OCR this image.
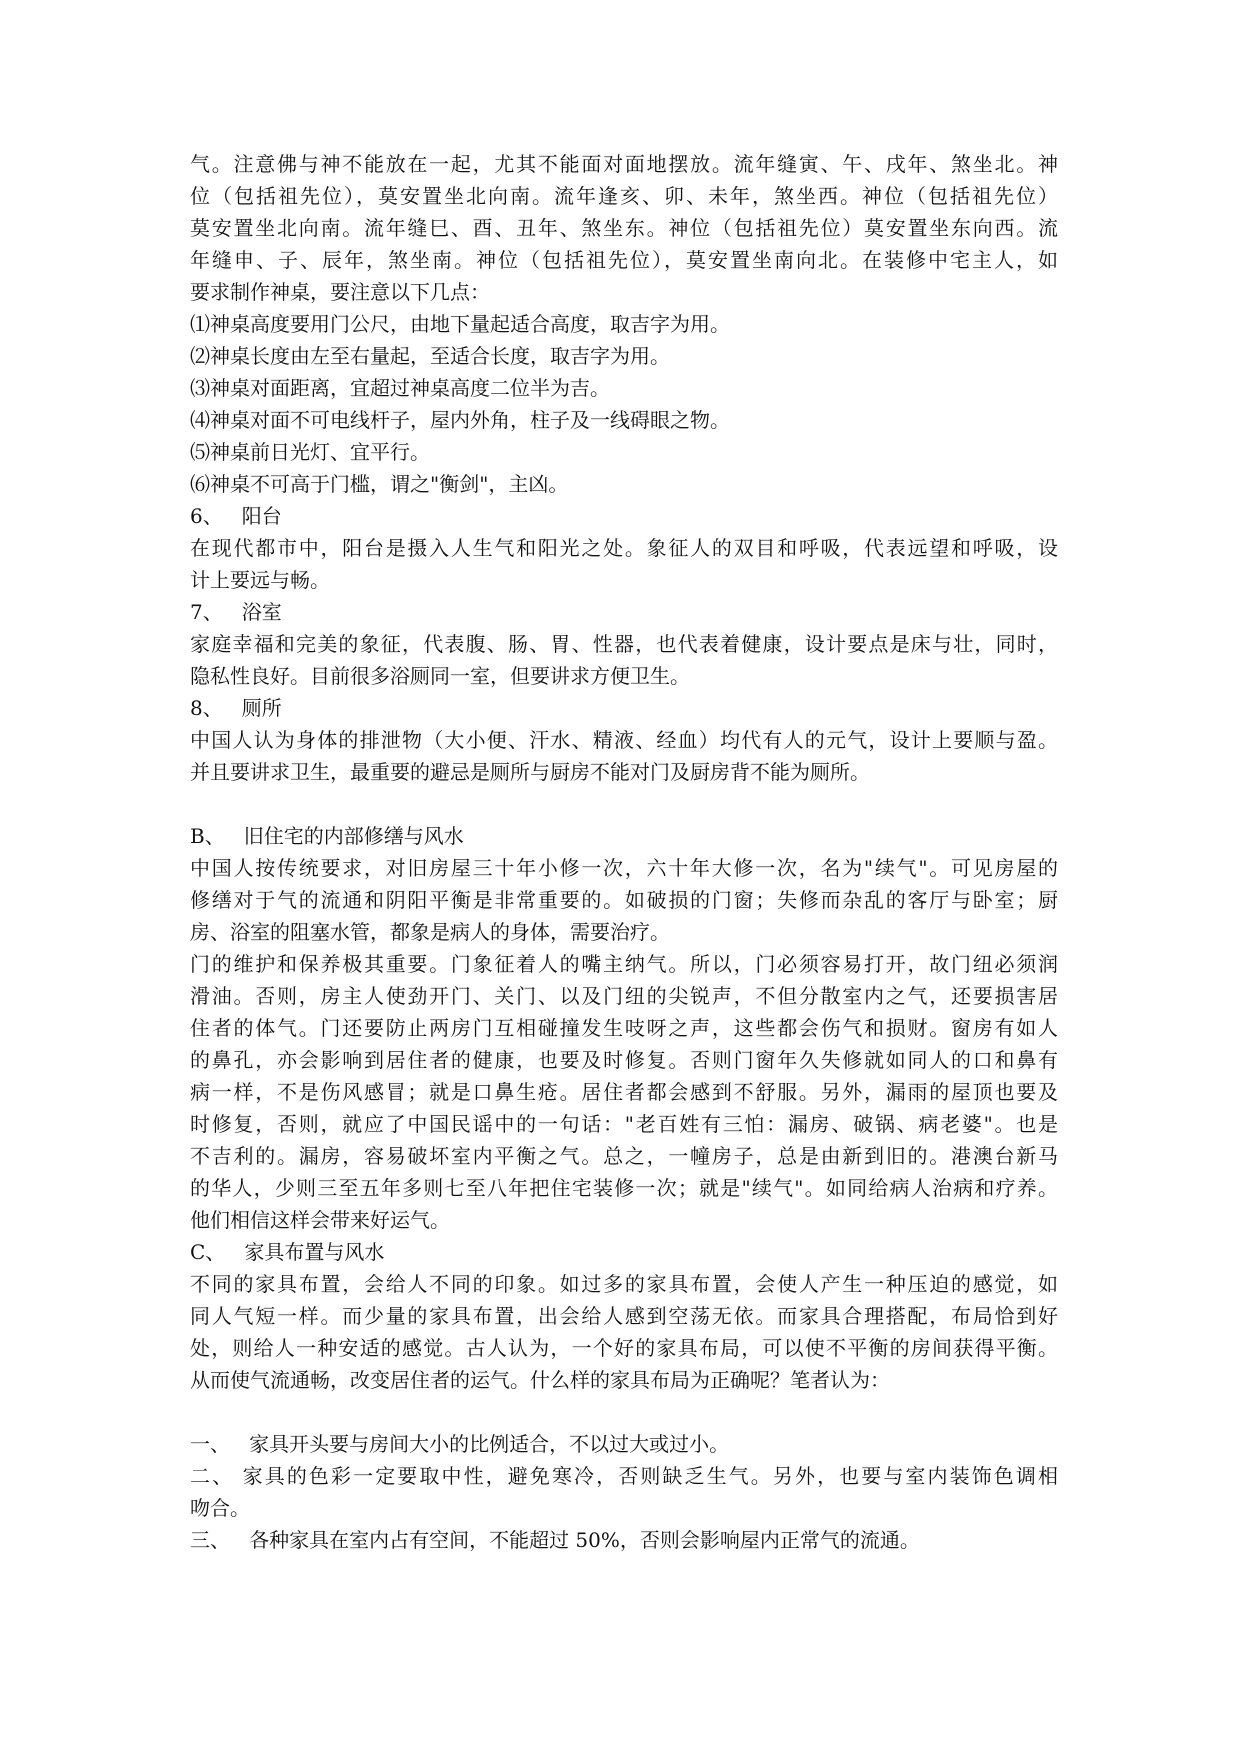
气。注意佛与神不能放在一起，尤其不能面对面地摆放。流年缝寅、午、戌年、煞坐北。神
位（包括祖先位），莫安置坐北向南。流年逢亥、卯、未年，煞坐西。神位（包括祖先位）
莫安置坐北向南。流年缝巳、酉、丑年、煞坐东。神位（包括祖先位）莫安置坐东向西。流
年缝申、子、辰年，煞坐南。神位（包括祖先位），莫安置坐南向北。在装修中宅主人，如
要求制作神桌，要注意以下几点：
⑴神桌高度要用门公尺，由地下量起适合高度，取吉字为用。
⑵神桌长度由左至右量起，至适合长度，取吉字为用。
⑶神桌对面距离，宜超过神桌高度二位半为吉。
⑷神桌对面不可电线杆子，屋内外角，柱子及一线碍眼之物。
⑸神桌前日光灯、宜平行。
⑹神桌不可高于门槛，谓之"衡剑"，主凶。
6、   阳台
在现代都市中，阳台是摄入人生气和阳光之处。象征人的双目和呼吸，代表远望和呼吸，设
计上要远与畅。
7、   浴室
家庭幸福和完美的象征，代表腹、肠、胃、性器，也代表着健康，设计要点是床与壮，同时，
隐私性良好。目前很多浴厕同一室，但要讲求方便卫生。
8、   厕所
中国人认为身体的排泄物（大小便、汗水、精液、经血）均代有人的元气，设计上要顺与盈。
并且要讲求卫生，最重要的避忌是厕所与厨房不能对门及厨房背不能为厕所。
B、   旧住宅的内部修缮与风水
中国人按传统要求，对旧房屋三十年小修一次，六十年大修一次，名为"续气"。可见房屋的
修缮对于气的流通和阴阳平衡是非常重要的。如破损的门窗；失修而杂乱的客厅与卧室；厨
房、浴室的阻塞水管，都象是病人的身体，需要治疗。
门的维护和保养极其重要。门象征着人的嘴主纳气。所以，门必须容易打开，故门纽必须润
滑油。否则，房主人使劲开门、关门、以及门纽的尖锐声，不但分散室内之气，还要损害居
住者的体气。门还要防止两房门互相碰撞发生吱呀之声，这些都会伤气和损财。窗房有如人
的鼻孔，亦会影响到居住者的健康，也要及时修复。否则门窗年久失修就如同人的口和鼻有
病一样，不是伤风感冒；就是口鼻生疮。居住者都会感到不舒服。另外，漏雨的屋顶也要及
时修复，否则，就应了中国民谣中的一句话："老百姓有三怕：漏房、破锅、病老婆"。也是
不吉利的。漏房，容易破坏室内平衡之气。总之，一幢房子，总是由新到旧的。港澳台新马
的华人，少则三至五年多则七至八年把住宅装修一次；就是"续气"。如同给病人治病和疗养。
他们相信这样会带来好运气。
C、   家具布置与风水
不同的家具布置，会给人不同的印象。如过多的家具布置，会使人产生一种压迫的感觉，如
同人气短一样。而少量的家具布置，出会给人感到空荡无依。而家具合理搭配，布局恰到好
处，则给人一种安适的感觉。古人认为，一个好的家具布局，可以使不平衡的房间获得平衡。
从而使气流通畅，改变居住者的运气。什么样的家具布局为正确呢？笔者认为：
一、   家具开头要与房间大小的比例适合，不以过大或过小。
二、 家具的色彩一定要取中性，避免寒冷，否则缺乏生气。另外，也要与室内装饰色调相
吻合。
三、   各种家具在室内占有空间，不能超过 50%，否则会影响屋内正常气的流通。
